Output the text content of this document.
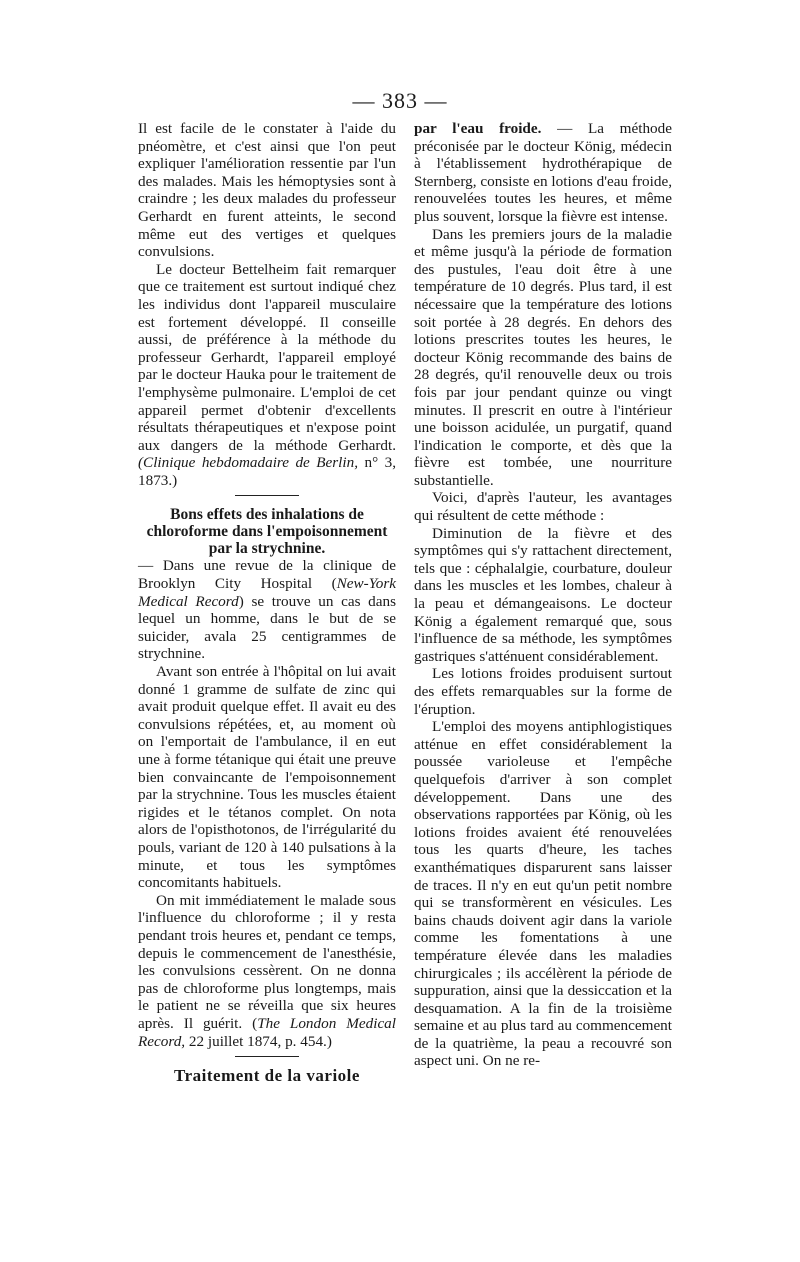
— 383 —

Il est facile de le constater à l'aide du pnéomètre, et c'est ainsi que l'on peut expliquer l'amélioration ressentie par l'un des malades. Mais les hémoptysies sont à craindre ; les deux malades du professeur Gerhardt en furent atteints, le second même eut des vertiges et quelques convulsions.

Le docteur Bettelheim fait remarquer que ce traitement est surtout indiqué chez les individus dont l'appareil musculaire est fortement développé. Il conseille aussi, de préférence à la méthode du professeur Gerhardt, l'appareil employé par le docteur Hauka pour le traitement de l'emphysème pulmonaire. L'emploi de cet appareil permet d'obtenir d'excellents résultats thérapeutiques et n'expose point aux dangers de la méthode Gerhardt. (Clinique hebdomadaire de Berlin, n° 3, 1873.)

Bons effets des inhalations de chloroforme dans l'empoisonnement par la strychnine.

— Dans une revue de la clinique de Brooklyn City Hospital (New-York Medical Record) se trouve un cas dans lequel un homme, dans le but de se suicider, avala 25 centigrammes de strychnine.

Avant son entrée à l'hôpital on lui avait donné 1 gramme de sulfate de zinc qui avait produit quelque effet. Il avait eu des convulsions répétées, et, au moment où on l'emportait de l'ambulance, il en eut une à forme tétanique qui était une preuve bien convaincante de l'empoisonnement par la strychnine. Tous les muscles étaient rigides et le tétanos complet. On nota alors de l'opisthotonos, de l'irrégularité du pouls, variant de 120 à 140 pulsations à la minute, et tous les symptômes concomitants habituels.

On mit immédiatement le malade sous l'influence du chloroforme ; il y resta pendant trois heures et, pendant ce temps, depuis le commencement de l'anesthésie, les convulsions cessèrent. On ne donna pas de chloroforme plus longtemps, mais le patient ne se réveilla que six heures après. Il guérit. (The London Medical Record, 22 juillet 1874, p. 454.)

Traitement de la variole

par l'eau froide. — La méthode préconisée par le docteur König, médecin à l'établissement hydrothérapique de Sternberg, consiste en lotions d'eau froide, renouvelées toutes les heures, et même plus souvent, lorsque la fièvre est intense.

Dans les premiers jours de la maladie et même jusqu'à la période de formation des pustules, l'eau doit être à une température de 10 degrés. Plus tard, il est nécessaire que la température des lotions soit portée à 28 degrés. En dehors des lotions prescrites toutes les heures, le docteur König recommande des bains de 28 degrés, qu'il renouvelle deux ou trois fois par jour pendant quinze ou vingt minutes. Il prescrit en outre à l'intérieur une boisson acidulée, un purgatif, quand l'indication le comporte, et dès que la fièvre est tombée, une nourriture substantielle.

Voici, d'après l'auteur, les avantages qui résultent de cette méthode :

Diminution de la fièvre et des symptômes qui s'y rattachent directement, tels que : céphalalgie, courbature, douleur dans les muscles et les lombes, chaleur à la peau et démangeaisons. Le docteur König a également remarqué que, sous l'influence de sa méthode, les symptômes gastriques s'atténuent considérablement.

Les lotions froides produisent surtout des effets remarquables sur la forme de l'éruption.

L'emploi des moyens antiphlogistiques atténue en effet considérablement la poussée varioleuse et l'empêche quelquefois d'arriver à son complet développement. Dans une des observations rapportées par König, où les lotions froides avaient été renouvelées tous les quarts d'heure, les taches exanthématiques disparurent sans laisser de traces. Il n'y en eut qu'un petit nombre qui se transformèrent en vésicules. Les bains chauds doivent agir dans la variole comme les fomentations à une température élevée dans les maladies chirurgicales ; ils accélèrent la période de suppuration, ainsi que la dessiccation et la desquamation. A la fin de la troisième semaine et au plus tard au commencement de la quatrième, la peau a recouvré son aspect uni. On ne re-
